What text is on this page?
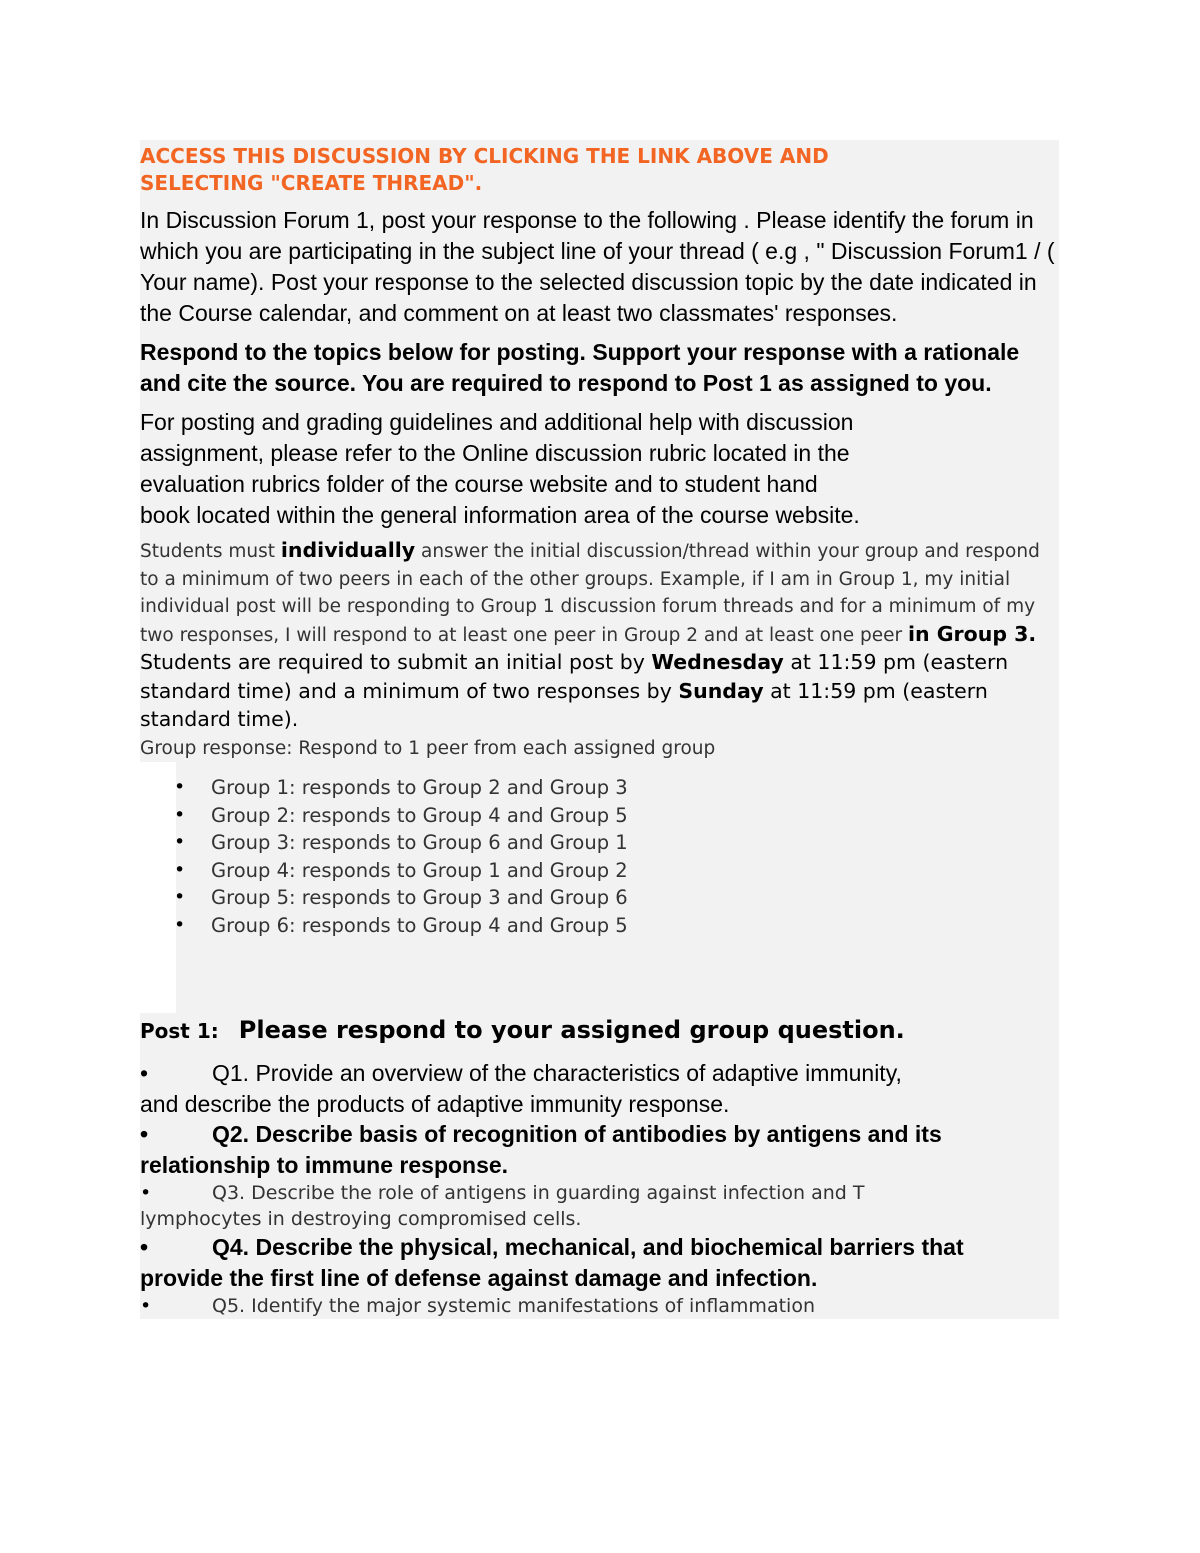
ACCESS THIS DISCUSSION BY CLICKING THE LINK ABOVE AND
SELECTING "CREATE THREAD".

In Discussion Forum 1, post your response to the following . Please identify the forum in which you are participating in the subject line of your thread ( e.g , " Discussion Forum1 / ( Your name). Post your response to the selected discussion topic by the date indicated in the Course calendar, and comment on at least two classmates' responses.

Respond to the topics below for posting. Support your response with a rationale and cite the source. You are required to respond to Post 1 as assigned to you.

For posting and grading guidelines and additional help with discussion
assignment, please refer to the Online discussion rubric located in the
evaluation rubrics folder of the course website and to student hand
book located within the general information area of the course website.

Students must individually answer the initial discussion/thread within your group and respond to a minimum of two peers in each of the other groups. Example, if I am in Group 1, my initial individual post will be responding to Group 1 discussion forum threads and for a minimum of my two responses, I will respond to at least one peer in Group 2 and at least one peer in Group 3. Students are required to submit an initial post by Wednesday at 11:59 pm (eastern standard time) and a minimum of two responses by Sunday at 11:59 pm (eastern standard time).
Group response: Respond to 1 peer from each assigned group

• Group 1: responds to Group 2 and Group 3
• Group 2: responds to Group 4 and Group 5
• Group 3: responds to Group 6 and Group 1
• Group 4: responds to Group 1 and Group 2
• Group 5: responds to Group 3 and Group 6
• Group 6: responds to Group 4 and Group 5

Post 1: Please respond to your assigned group question.

•	Q1. Provide an overview of the characteristics of adaptive immunity,
and describe the products of adaptive immunity response.
•	Q2. Describe basis of recognition of antibodies by antigens and its
relationship to immune response.
•	Q3. Describe the role of antigens in guarding against infection and T
lymphocytes in destroying compromised cells.
•	Q4. Describe the physical, mechanical, and biochemical barriers that
provide the first line of defense against damage and infection.
•	Q5. Identify the major systemic manifestations of inflammation
